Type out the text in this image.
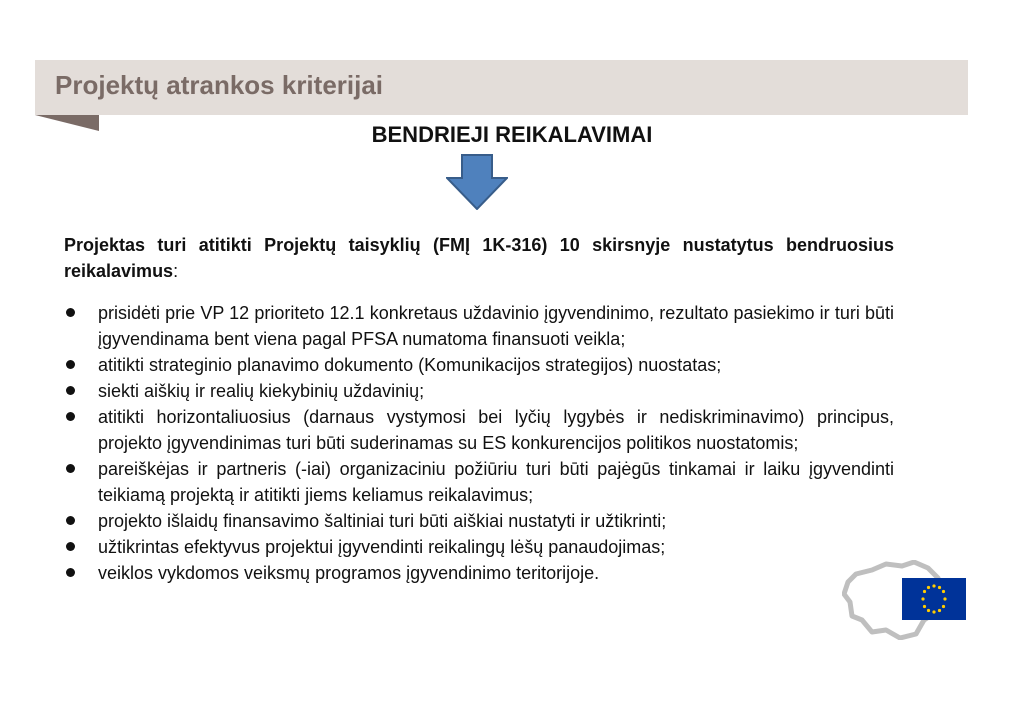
Projektų atrankos kriterijai
BENDRIEJI REIKALAVIMAI
Projektas turi atitikti Projektų taisyklių (FMĮ 1K-316) 10 skirsnyje nustatytus bendruosius reikalavimus:
prisidėti prie VP 12 prioriteto 12.1 konkretaus uždavinio įgyvendinimo, rezultato pasiekimo ir turi būti įgyvendinama bent viena pagal PFSA numatoma finansuoti veikla;
atitikti strateginio planavimo dokumento (Komunikacijos strategijos) nuostatas;
siekti aiškių ir realių kiekybinių uždavinių;
atitikti horizontaliuosius (darnaus vystymosi bei lyčių lygybės ir nediskriminavimo) principus, projekto įgyvendinimas turi būti suderinamas su ES konkurencijos politikos nuostatomis;
pareiškėjas ir partneris (-iai) organizaciniu požiūriu turi būti pajėgūs tinkamai ir laiku įgyvendinti teikiamą projektą ir atitikti jiems keliamus reikalavimus;
projekto išlaidų finansavimo šaltiniai turi būti aiškiai nustatyti ir užtikrinti;
užtikrintas efektyvus projektui įgyvendinti reikalingų lėšų panaudojimas;
veiklos vykdomos veiksmų programos įgyvendinimo teritorijoje.
